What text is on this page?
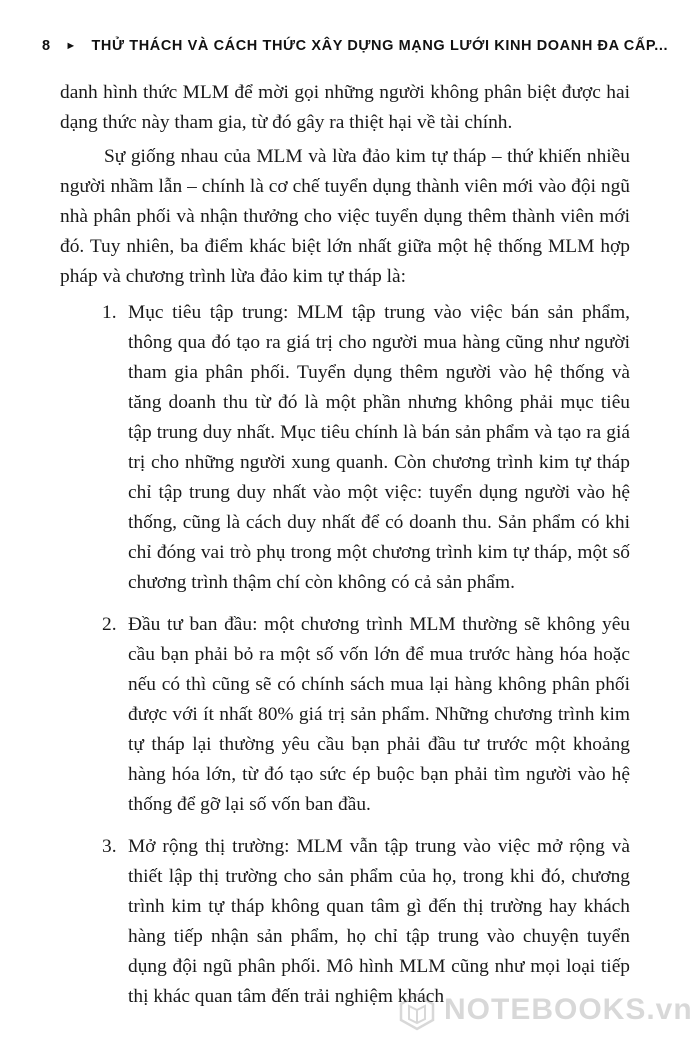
8 ► THỬ THÁCH VÀ CÁCH THỨC XÂY DỰNG MẠNG LƯỚI KINH DOANH ĐA CẤP...

danh hình thức MLM để mời gọi những người không phân biệt được hai dạng thức này tham gia, từ đó gây ra thiệt hại về tài chính.

Sự giống nhau của MLM và lừa đảo kim tự tháp – thứ khiến nhiều người nhầm lẫn – chính là cơ chế tuyển dụng thành viên mới vào đội ngũ nhà phân phối và nhận thưởng cho việc tuyển dụng thêm thành viên mới đó. Tuy nhiên, ba điểm khác biệt lớn nhất giữa một hệ thống MLM hợp pháp và chương trình lừa đảo kim tự tháp là:

1. Mục tiêu tập trung: MLM tập trung vào việc bán sản phẩm, thông qua đó tạo ra giá trị cho người mua hàng cũng như người tham gia phân phối. Tuyển dụng thêm người vào hệ thống và tăng doanh thu từ đó là một phần nhưng không phải mục tiêu tập trung duy nhất. Mục tiêu chính là bán sản phẩm và tạo ra giá trị cho những người xung quanh. Còn chương trình kim tự tháp chỉ tập trung duy nhất vào một việc: tuyển dụng người vào hệ thống, cũng là cách duy nhất để có doanh thu. Sản phẩm có khi chỉ đóng vai trò phụ trong một chương trình kim tự tháp, một số chương trình thậm chí còn không có cả sản phẩm.
2. Đầu tư ban đầu: một chương trình MLM thường sẽ không yêu cầu bạn phải bỏ ra một số vốn lớn để mua trước hàng hóa hoặc nếu có thì cũng sẽ có chính sách mua lại hàng không phân phối được với ít nhất 80% giá trị sản phẩm. Những chương trình kim tự tháp lại thường yêu cầu bạn phải đầu tư trước một khoảng hàng hóa lớn, từ đó tạo sức ép buộc bạn phải tìm người vào hệ thống để gỡ lại số vốn ban đầu.
3. Mở rộng thị trường: MLM vẫn tập trung vào việc mở rộng và thiết lập thị trường cho sản phẩm của họ, trong khi đó, chương trình kim tự tháp không quan tâm gì đến thị trường hay khách hàng tiếp nhận sản phẩm, họ chỉ tập trung vào chuyện tuyển dụng đội ngũ phân phối. Mô hình MLM cũng như mọi loại tiếp thị khác quan tâm đến trải nghiệm khách NOTEBOOKS.vn
